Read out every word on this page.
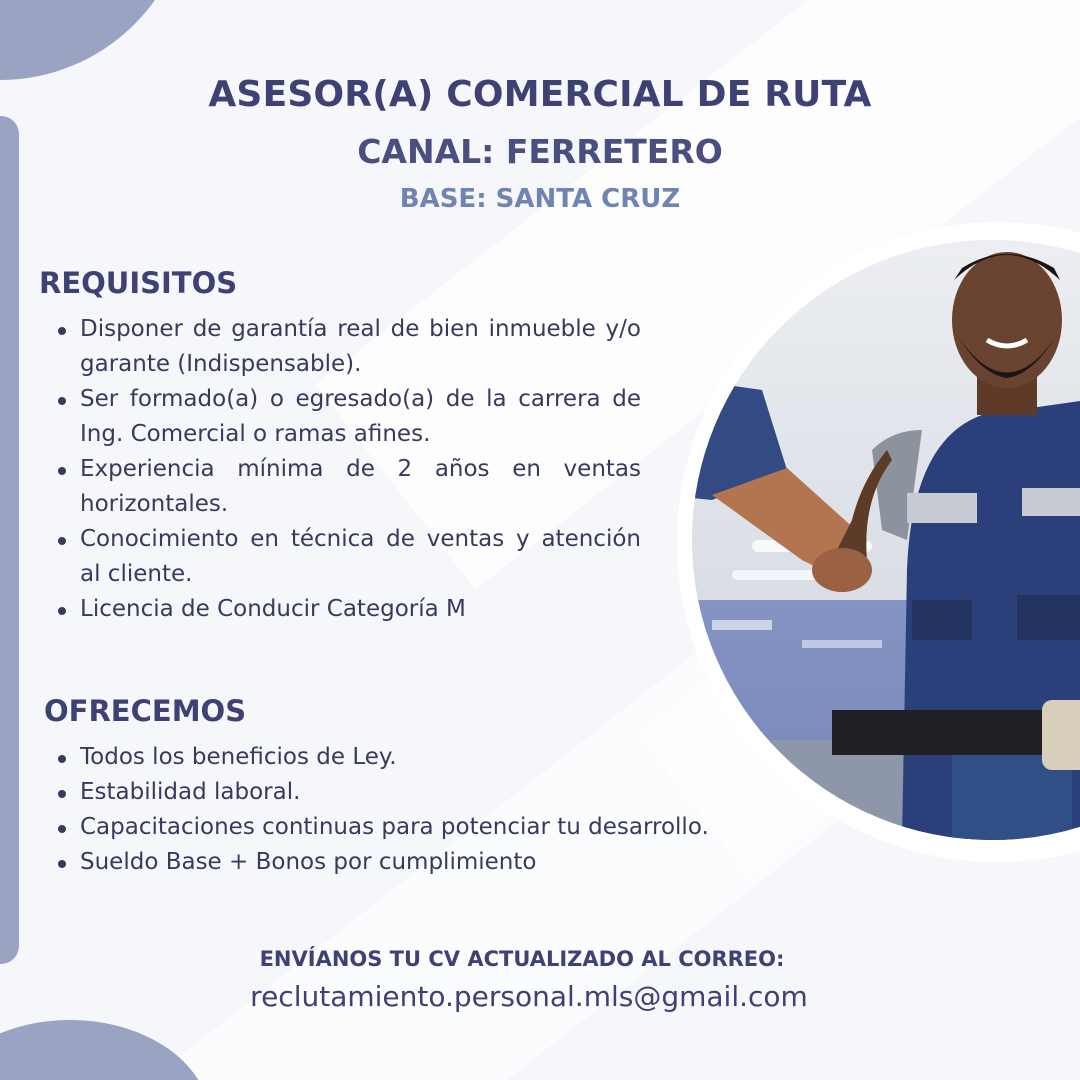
ASESOR(A) COMERCIAL DE RUTA
CANAL: FERRETERO
BASE: SANTA CRUZ
REQUISITOS
Disponer de garantía real de bien inmueble y/o garante (Indispensable).
Ser formado(a) o egresado(a) de la carrera de Ing. Comercial o ramas afines.
Experiencia mínima de 2 años en ventas horizontales.
Conocimiento en técnica de ventas y atención al cliente.
Licencia de Conducir Categoría M
OFRECEMOS
Todos los beneficios de Ley.
Estabilidad laboral.
Capacitaciones continuas para potenciar tu desarrollo.
Sueldo Base + Bonos por cumplimiento
ENVÍANOS TU CV ACTUALIZADO AL CORREO:
reclutamiento.personal.mls@gmail.com
